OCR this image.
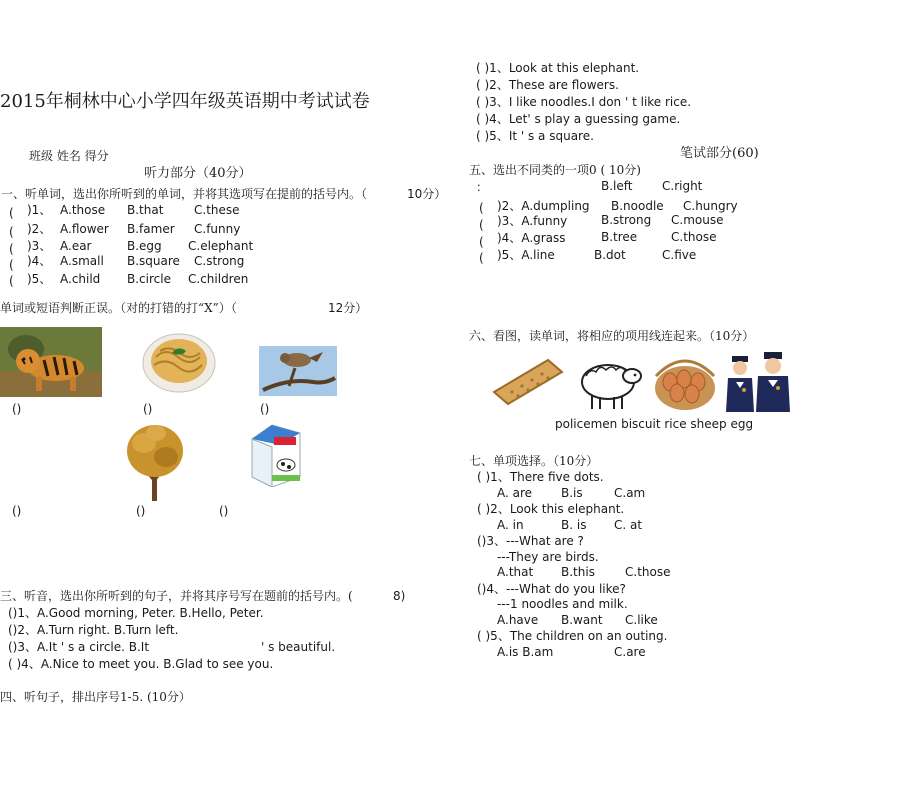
2015年桐林中心小学四年级英语期中考试试卷
班级 姓名 得分
听力部分（40分）
一、听单词，选出你所听到的单词，并将其选项写在提前的括号内。（	10分）
( )1、 A.those B.that	C.these
( )2、 A.flower B.famer C.funny
( )3、 A.ear	B.egg C.elephant
( )4、 A.small B.square C.strong
( )5、 A.child B.circle C.children
单词或短语判断正误。（对的打错的打“X”）（	12分）
()	()	()
()	()	()
三、听音，选出你所听到的句子，并将其序号写在题前的括号内。(	8)
()1、A.Good morning, Peter. B.Hello, Peter.
()2、A.Turn right. B.Turn left.
()3、A.It ' s a circle. B.It	' s beautiful.
( )4、A.Nice to meet you. B.Glad to see you.
四、听句子，排出序号1-5. (10分）
( )1、Look at this elephant.
( )2、These are flowers.
( )3、I like noodles.I don ' t like rice.
( )4、Let' s play a guessing game.
( )5、It ' s a square.
笔试部分(60)
五、选出不同类的一项0 ( 10分)
：	B.left C.right
( )2、A.dumpling B.noodle C.hungry
( )3、A.funny	B.strong C.mouse
( )4、A.grass	B.tree	C.those
( )5、A.line	B.dot	C.five
六、看图，读单词，将相应的项用线连起来。（10分）
policemen biscuit rice sheep egg
七、单项选择。（10分）
( )1、There five dots.
A. are B.is	C.am
( )2、Look this elephant.
A. in	B. is C. at
()3、---What are ?
---They are birds.
A.that B.this	C.those
()4、---What do you like?
---1 noodles and milk.
A.have B.want C.like
( )5、The children on an outing.
A.is B.am	C.are
